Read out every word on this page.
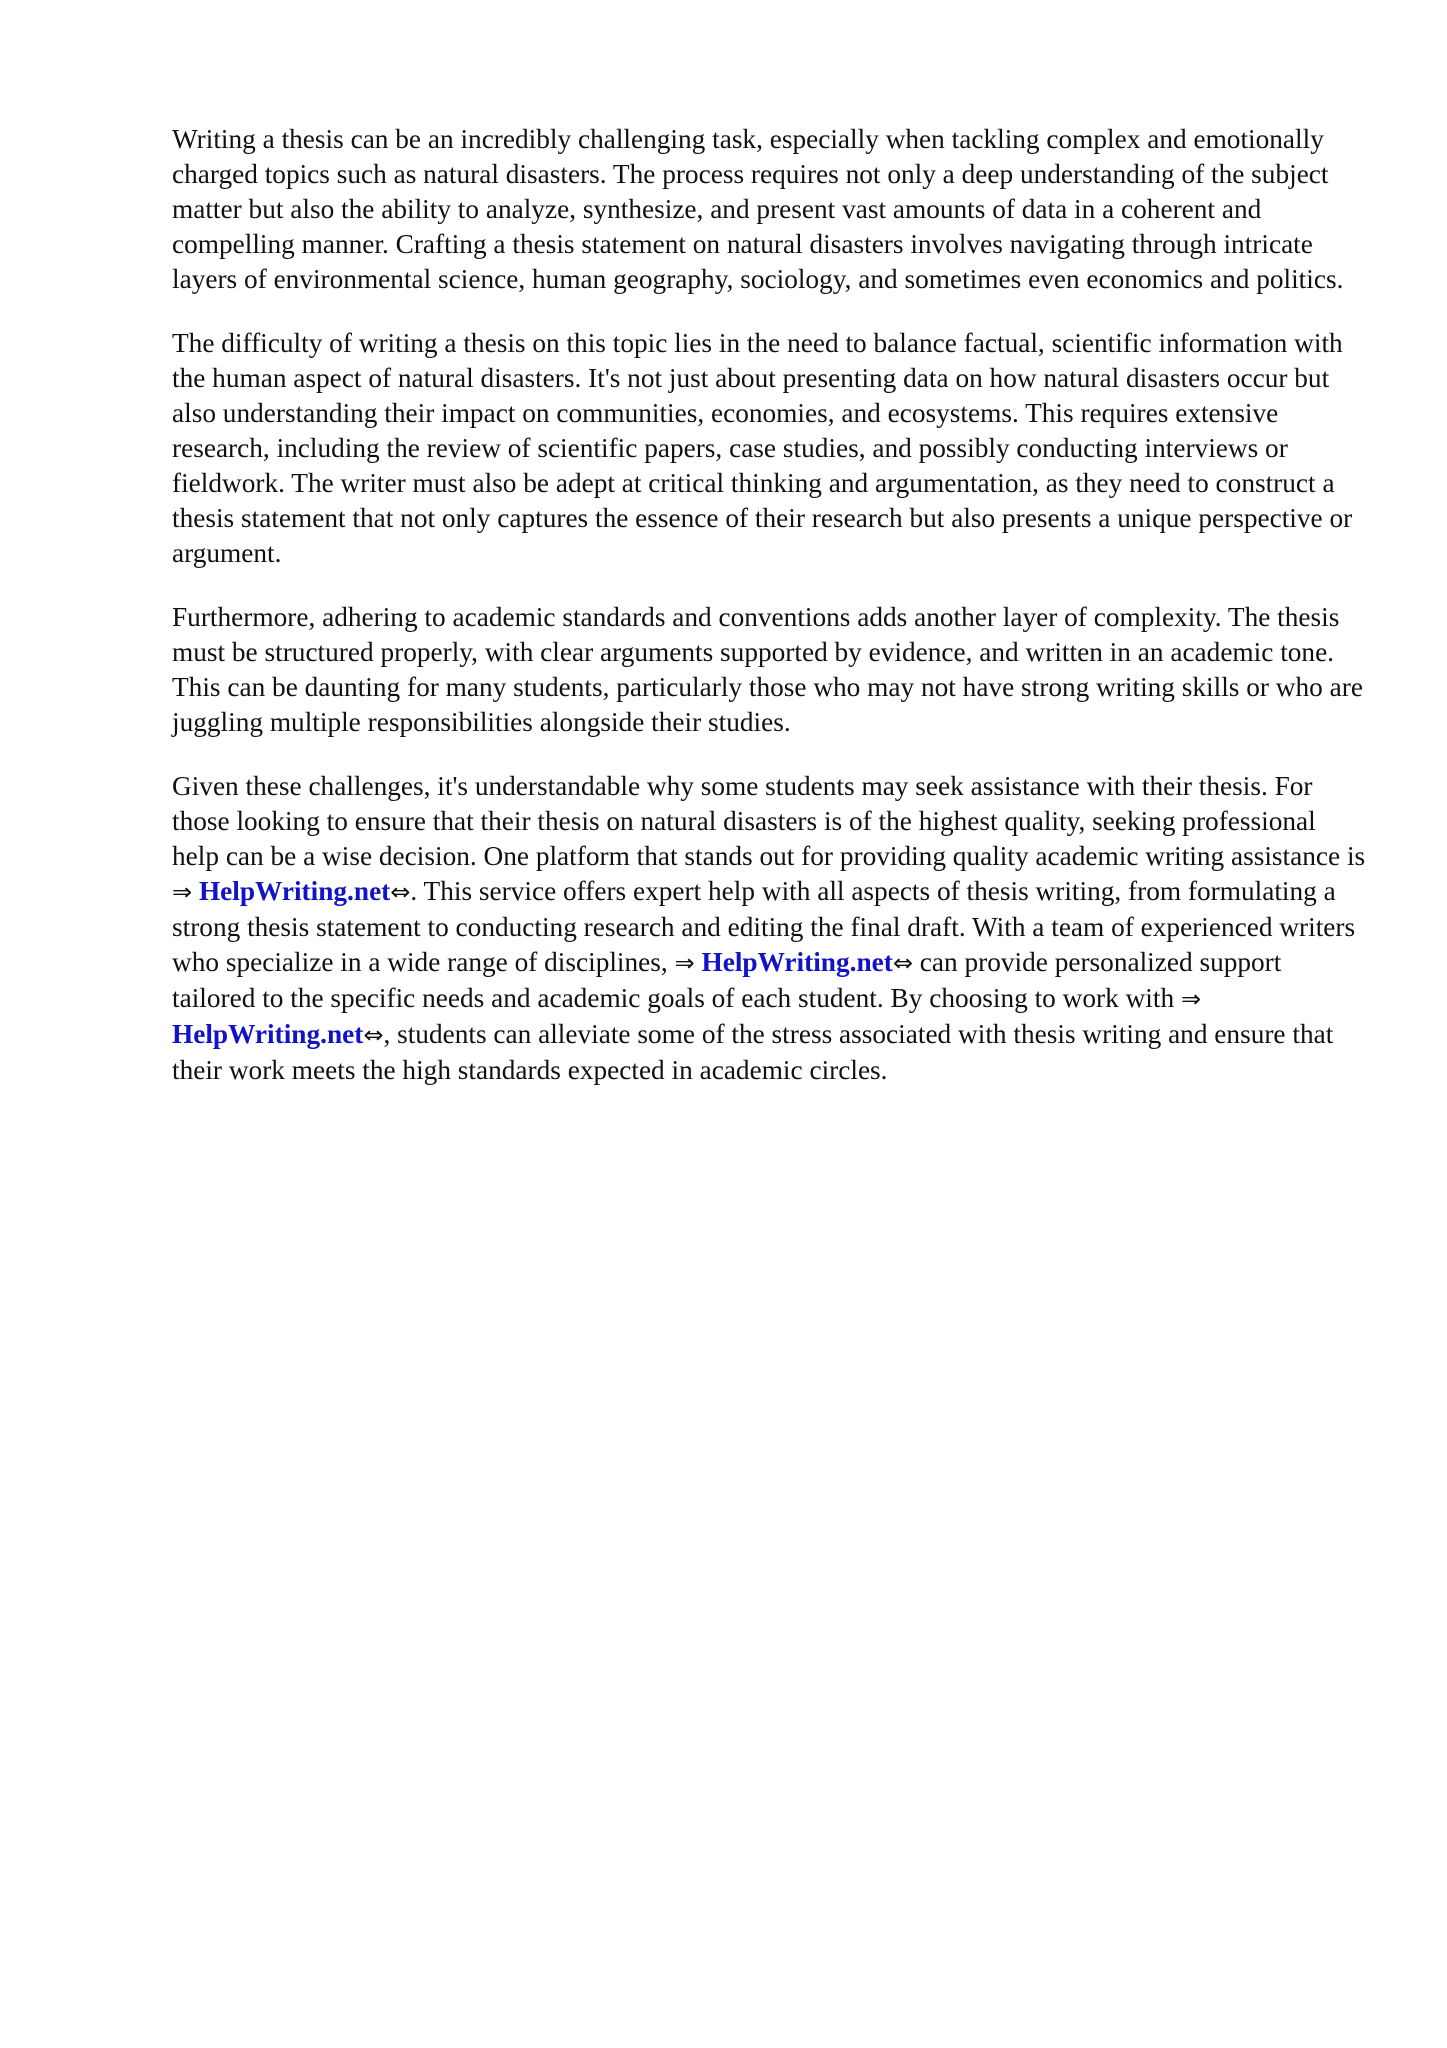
Writing a thesis can be an incredibly challenging task, especially when tackling complex and emotionally charged topics such as natural disasters. The process requires not only a deep understanding of the subject matter but also the ability to analyze, synthesize, and present vast amounts of data in a coherent and compelling manner. Crafting a thesis statement on natural disasters involves navigating through intricate layers of environmental science, human geography, sociology, and sometimes even economics and politics.

The difficulty of writing a thesis on this topic lies in the need to balance factual, scientific information with the human aspect of natural disasters. It's not just about presenting data on how natural disasters occur but also understanding their impact on communities, economies, and ecosystems. This requires extensive research, including the review of scientific papers, case studies, and possibly conducting interviews or fieldwork. The writer must also be adept at critical thinking and argumentation, as they need to construct a thesis statement that not only captures the essence of their research but also presents a unique perspective or argument.

Furthermore, adhering to academic standards and conventions adds another layer of complexity. The thesis must be structured properly, with clear arguments supported by evidence, and written in an academic tone. This can be daunting for many students, particularly those who may not have strong writing skills or who are juggling multiple responsibilities alongside their studies.

Given these challenges, it's understandable why some students may seek assistance with their thesis. For those looking to ensure that their thesis on natural disasters is of the highest quality, seeking professional help can be a wise decision. One platform that stands out for providing quality academic writing assistance is ⇒ HelpWriting.net⇔. This service offers expert help with all aspects of thesis writing, from formulating a strong thesis statement to conducting research and editing the final draft. With a team of experienced writers who specialize in a wide range of disciplines, ⇒ HelpWriting.net⇔ can provide personalized support tailored to the specific needs and academic goals of each student. By choosing to work with ⇒ HelpWriting.net⇔, students can alleviate some of the stress associated with thesis writing and ensure that their work meets the high standards expected in academic circles.
